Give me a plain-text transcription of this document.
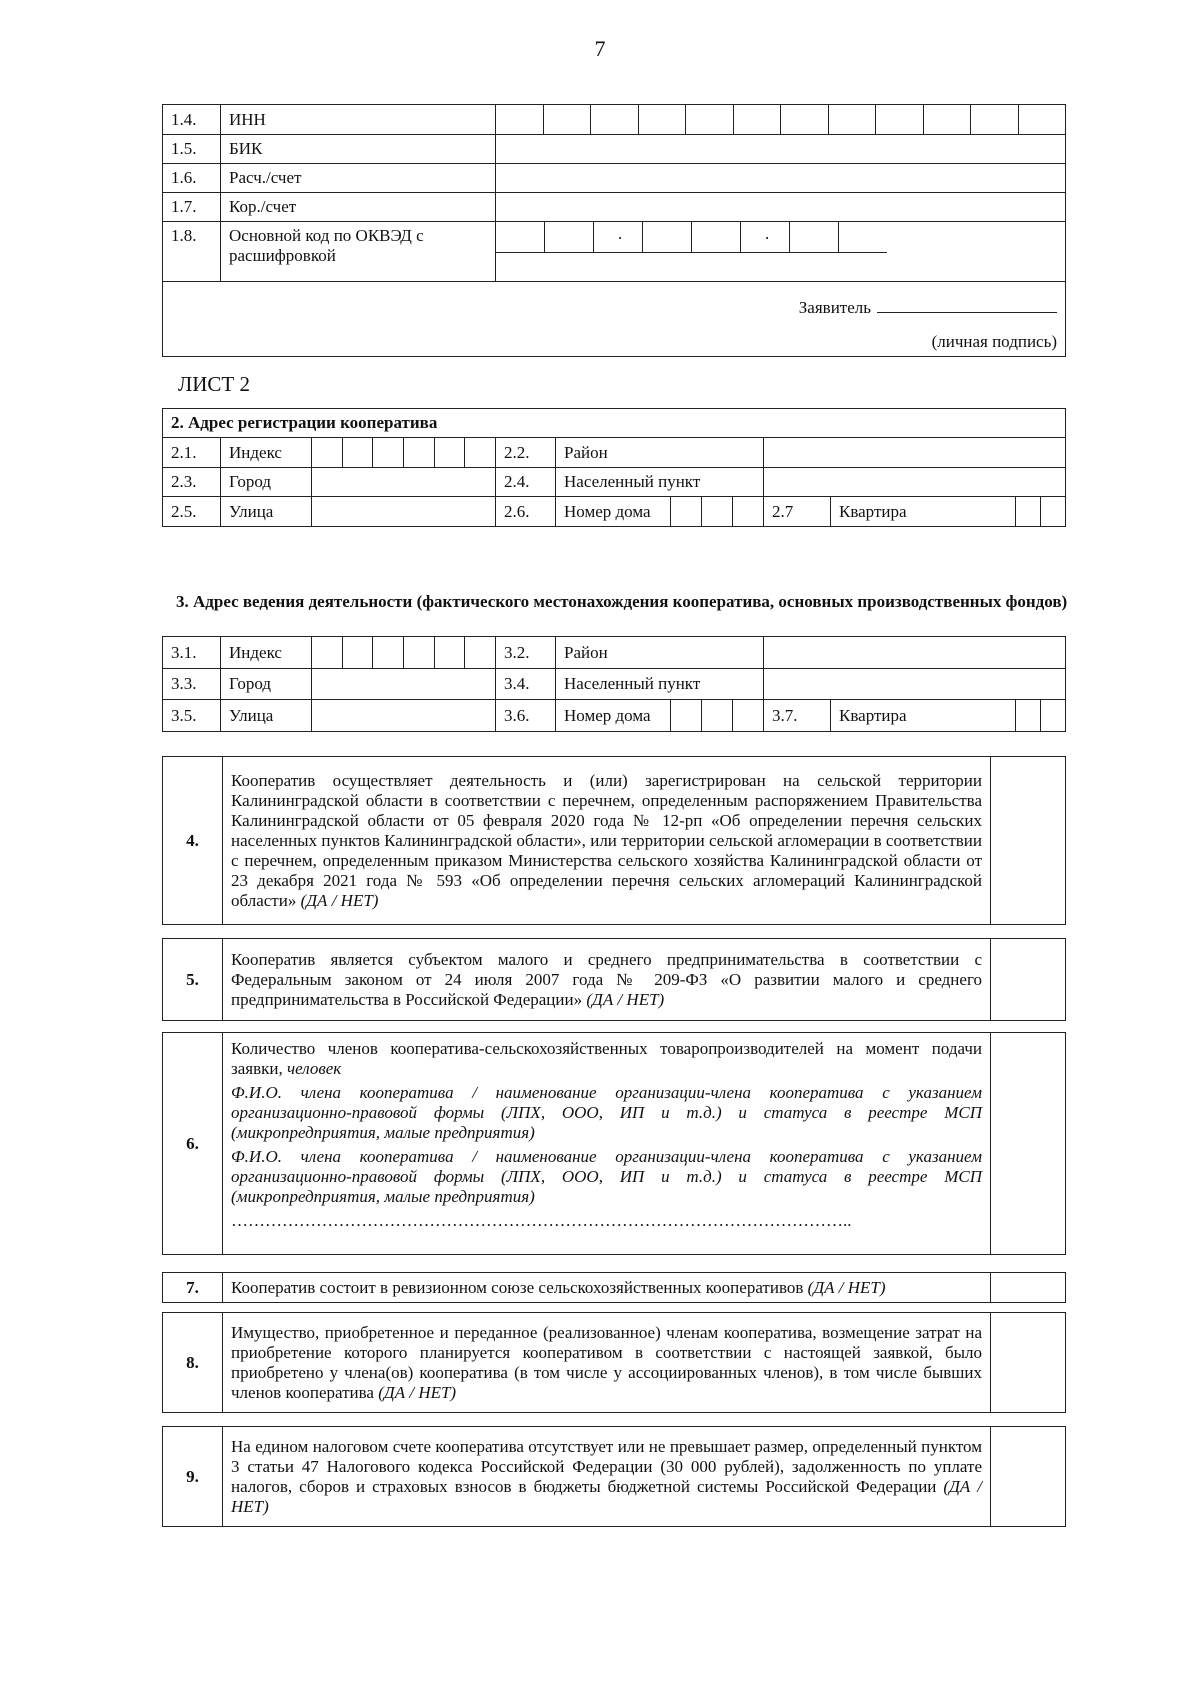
7
1.4.	ИНН	

1.5.	БИК	
1.6.	Расч./счет	
1.7.	Кор./счет	
1.8.	Основной код по ОКВЭД с расшифровкой	
.
.

Заявитель
(личная подпись)		
ЛИСТ 2
2. Адрес регистрации кооператива								
2.1.	Индекс		2.2.	Район				
2.3.	Город		2.4.	Населенный пункт				
2.5.	Улица		2.6.	Номер дома		2.7	Квартира	
3. Адрес ведения деятельности (фактического местонахождения кооператива, основных производственных фондов)
3.1.	Индекс		3.2.	Район				
3.3.	Город		3.4.	Населенный пункт				
3.5.	Улица		3.6.	Номер дома		3.7.	Квартира	
4.	Кооператив осуществляет деятельность и (или) зарегистрирован на сельской территории Калининградской области в соответствии с перечнем, определенным распоряжением Правительства Калининградской области от 05 февраля 2020 года № 12-рп «Об определении перечня сельских населенных пунктов Калининградской области», или территории сельской агломерации в соответствии с перечнем, определенным приказом Министерства сельского хозяйства Калининградской области от 23 декабря 2021 года № 593 «Об определении перечня сельских агломераций Калининградской области» (ДА / НЕТ)	
5.	Кооператив является субъектом малого и среднего предпринимательства в соответствии с Федеральным законом от 24 июля 2007 года № 209-ФЗ «О развитии малого и среднего предпринимательства в Российской Федерации» (ДА / НЕТ)	
6.	

Количество членов кооператива-сельскохозяйственных товаропроизводителей на момент подачи заявки, человек

Ф.И.О. члена кооператива / наименование организации-члена кооператива с указанием организационно-правовой формы (ЛПХ, ООО, ИП и т.д.) и статуса в реестре МСП (микропредприятия, малые предприятия)

Ф.И.О. члена кооператива / наименование организации-члена кооператива с указанием организационно-правовой формы (ЛПХ, ООО, ИП и т.д.) и статуса в реестре МСП (микропредприятия, малые предприятия)

………………………………………………………………………………………………..

7.	Кооператив состоит в ревизионном союзе сельскохозяйственных кооперативов (ДА / НЕТ)	
8.	Имущество, приобретенное и переданное (реализованное) членам кооператива, возмещение затрат на приобретение которого планируется кооперативом в соответствии с настоящей заявкой, было приобретено у члена(ов) кооператива (в том числе у ассоциированных членов), в том числе бывших членов кооператива (ДА / НЕТ)	
9.	На едином налоговом счете кооператива отсутствует или не превышает размер, определенный пунктом 3 статьи 47 Налогового кодекса Российской Федерации (30 000 рублей), задолженность по уплате налогов, сборов и страховых взносов в бюджеты бюджетной системы Российской Федерации (ДА / НЕТ)	
